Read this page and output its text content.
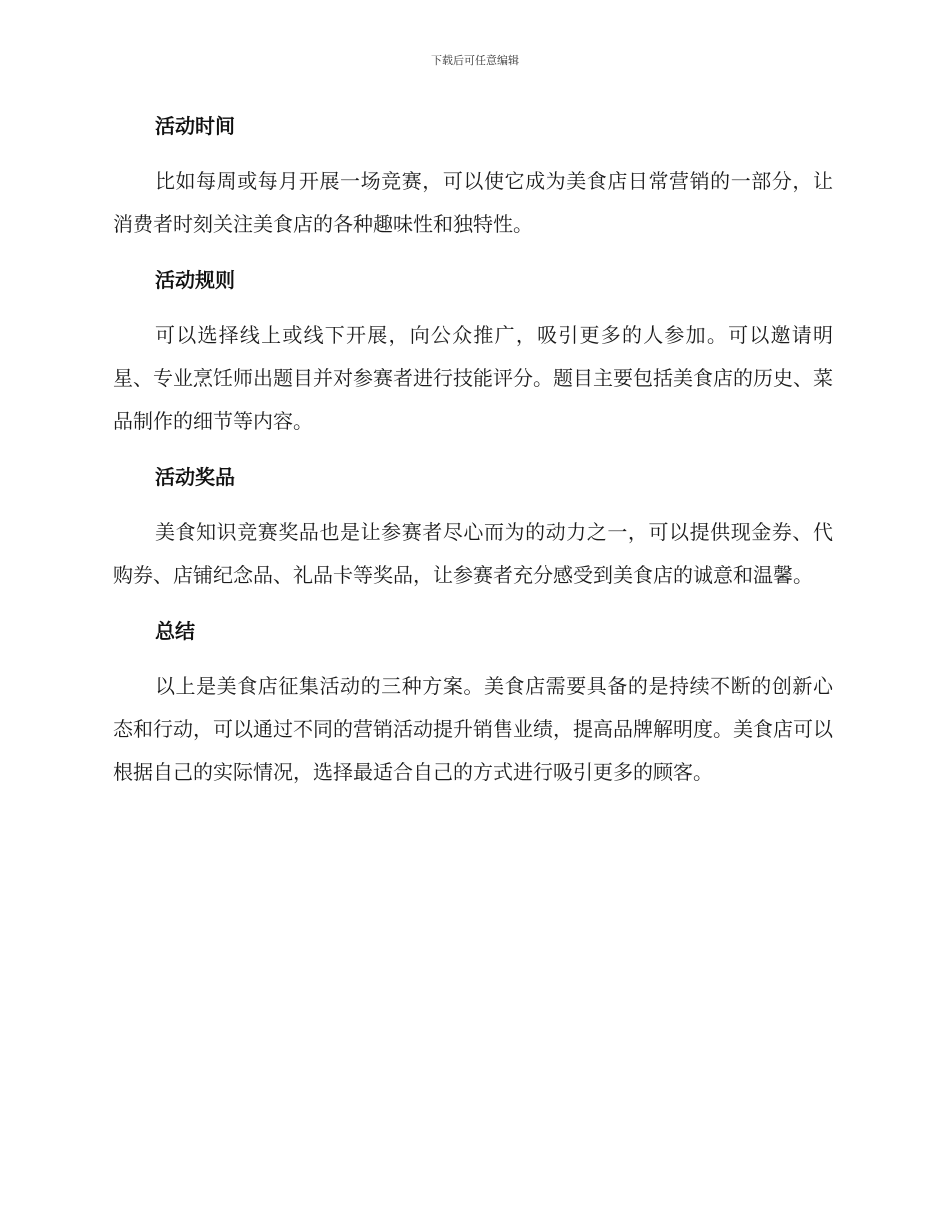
下载后可任意编辑
活动时间

比如每周或每月开展一场竞赛，可以使它成为美食店日常营销的一部分，让消费者时刻关注美食店的各种趣味性和独特性。

活动规则

可以选择线上或线下开展，向公众推广，吸引更多的人参加。可以邀请明星、专业烹饪师出题目并对参赛者进行技能评分。题目主要包括美食店的历史、菜品制作的细节等内容。

活动奖品

美食知识竞赛奖品也是让参赛者尽心而为的动力之一，可以提供现金券、代购券、店铺纪念品、礼品卡等奖品，让参赛者充分感受到美食店的诚意和温馨。

总结

以上是美食店征集活动的三种方案。美食店需要具备的是持续不断的创新心态和行动，可以通过不同的营销活动提升销售业绩，提高品牌解明度。美食店可以根据自己的实际情况，选择最适合自己的方式进行吸引更多的顾客。
